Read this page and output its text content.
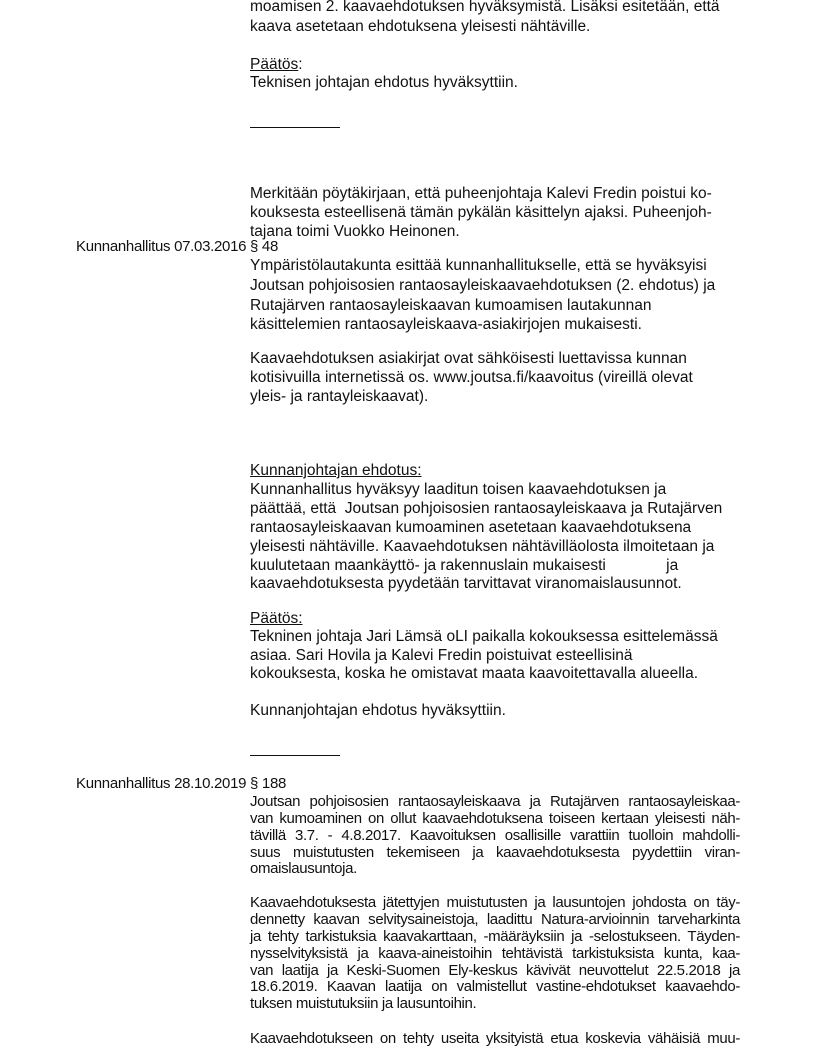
moamisen 2. kaavaehdotuksen hyväksymistä. Lisäksi esitetään, että
kaava asetetaan ehdotuksena yleisesti nähtäville.
Päätös:
Teknisen johtajan ehdotus hyväksyttiin.
Merkitään pöytäkirjaan, että puheenjohtaja Kalevi Fredin poistui ko-
kouksesta esteellisenä tämän pykälän käsittelyn ajaksi. Puheenjoh-
tajana toimi Vuokko Heinonen.
Kunnanhallitus 07.03.2016 § 48
Ympäristölautakunta esittää kunnanhallitukselle, että se hyväksyisi
Joutsan pohjoisosien rantaosayleiskaavaehdotuksen (2. ehdotus) ja
Rutajärven rantaosayleiskaavan kumoamisen lautakunnan
käsittelemien rantaosayleiskaava-asiakirjojen mukaisesti.
Kaavaehdotuksen asiakirjat ovat sähköisesti luettavissa kunnan
kotisivuilla internetissä os. www.joutsa.fi/kaavoitus (vireillä olevat
yleis- ja rantayleiskaavat).
Kunnanjohtajan ehdotus:
Kunnanhallitus hyväksyy laaditun toisen kaavaehdotuksen ja
päättää, että  Joutsan pohjoisosien rantaosayleiskaava ja Rutajärven
rantaosayleiskaavan kumoaminen asetetaan kaavaehdotuksena
yleisesti nähtäville. Kaavaehdotuksen nähtävilläolosta ilmoitetaan ja
kuulutetaan maankäyttö- ja rakennuslain mukaisesti              ja
kaavaehdotuksesta pyydetään tarvittavat viranomaislausunnot.
Päätös:
Tekninen johtaja Jari Lämsä oLI paikalla kokouksessa esittelemässä
asiaa. Sari Hovila ja Kalevi Fredin poistuivat esteellisinä
kokouksesta, koska he omistavat maata kaavoitettavalla alueella.
Kunnanjohtajan ehdotus hyväksyttiin.
Kunnanhallitus 28.10.2019 § 188
Joutsan pohjoisosien rantaosayleiskaava ja Rutajärven rantaosayleiskaa-
van kumoaminen on ollut kaavaehdotuksena toiseen kertaan yleisesti näh-
tävillä 3.7. - 4.8.2017. Kaavoituksen osallisille varattiin tuolloin mahdolli-
suus muistutusten tekemiseen ja kaavaehdotuksesta pyydettiin viran-
omaislausuntoja.
Kaavaehdotuksesta jätettyjen muistutusten ja lausuntojen johdosta on täy-
dennetty kaavan selvitysaineistoja, laadittu Natura-arvioinnin tarveharkinta
ja tehty tarkistuksia kaavakarttaan, -määräyksiin ja -selostukseen. Täyden-
nysselvityksistä ja kaava-aineistoihin tehtävistä tarkistuksista kunta, kaa-
van laatija ja Keski-Suomen Ely-keskus kävivät neuvottelut 22.5.2018 ja
18.6.2019. Kaavan laatija on valmistellut vastine-ehdotukset kaavaehdo-
tuksen muistutuksiin ja lausuntoihin.
Kaavaehdotukseen on tehty useita yksityistä etua koskevia vähäisiä muu-
